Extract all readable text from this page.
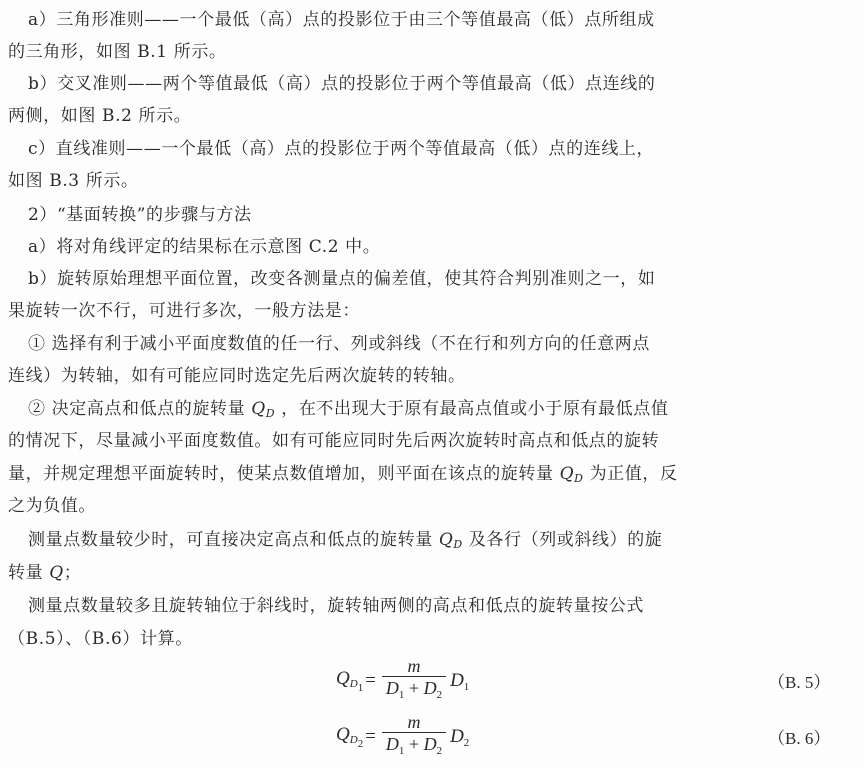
a）三角形准则——一个最低（高）点的投影位于由三个等值最高（低）点所组成
的三角形，如图 B.1 所示。
b）交叉准则——两个等值最低（高）点的投影位于两个等值最高（低）点连线的
两侧，如图 B.2 所示。
c）直线准则——一个最低（高）点的投影位于两个等值最高（低）点的连线上，
如图 B.3 所示。
2）“基面转换”的步骤与方法
a）将对角线评定的结果标在示意图 C.2 中。
b）旋转原始理想平面位置，改变各测量点的偏差值，使其符合判别准则之一，如
果旋转一次不行，可进行多次，一般方法是：
① 选择有利于减小平面度数值的任一行、列或斜线（不在行和列方向的任意两点
连线）为转轴，如有可能应同时选定先后两次旋转的转轴。
② 决定高点和低点的旋转量 $Q_D$ ，在不出现大于原有最高点值或小于原有最低点值
的情况下，尽量减小平面度数值。如有可能应同时先后两次旋转时高点和低点的旋转
量，并规定理想平面旋转时，使某点数值增加，则平面在该点的旋转量 $Q_D$ 为正值，反
之为负值。
测量点数量较少时，可直接决定高点和低点的旋转量 $Q_D$ 及各行（列或斜线）的旋
转量 Q；
测量点数量较多且旋转轴位于斜线时，旋转轴两侧的高点和低点的旋转量按公式
（B.5）、（B.6）计算。
$Q_{D1} = \frac{m}{D_1 + D_2} D_1$	（B. 5）
$Q_{D2} = \frac{m}{D_1 + D_2} D_2$	（B. 6）
